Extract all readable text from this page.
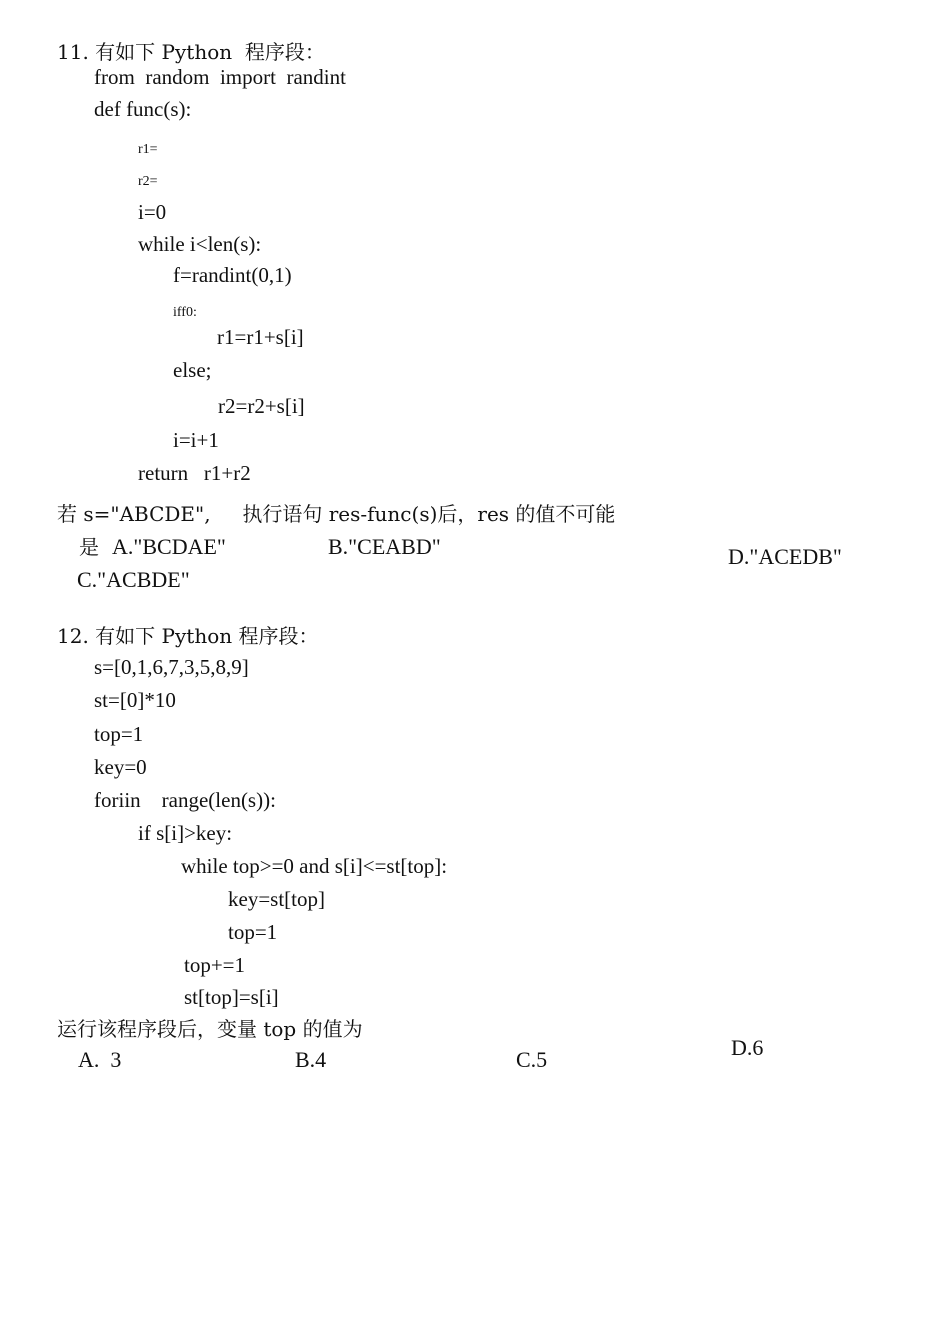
11. 有如下 Python  程序段：
from  random  import  randint
def func(s):
r1=
r2=
i=0
while i<len(s):
f=randint(0,1)
iff0:
r1=r1+s[i]
else;
r2=r2+s[i]
i=i+1
return   r1+r2
若 s="ABCDE",     执行语句 res-func(s)后，res 的值不可能
是 A."BCDAE"	B."CEABD"
C."ACBDE"
D."ACEDB"
12. 有如下 Python 程序段：
s=[0,1,6,7,3,5,8,9]
st=[0]*10
top=1
key=0
foriin    range(len(s)):
if s[i]>key:
while top>=0 and s[i]<=st[top]:
key=st[top]
top=1
top+=1
st[top]=s[i]
运行该程序段后，变量 top 的值为
A.  3	B.4	C.5	D.6
